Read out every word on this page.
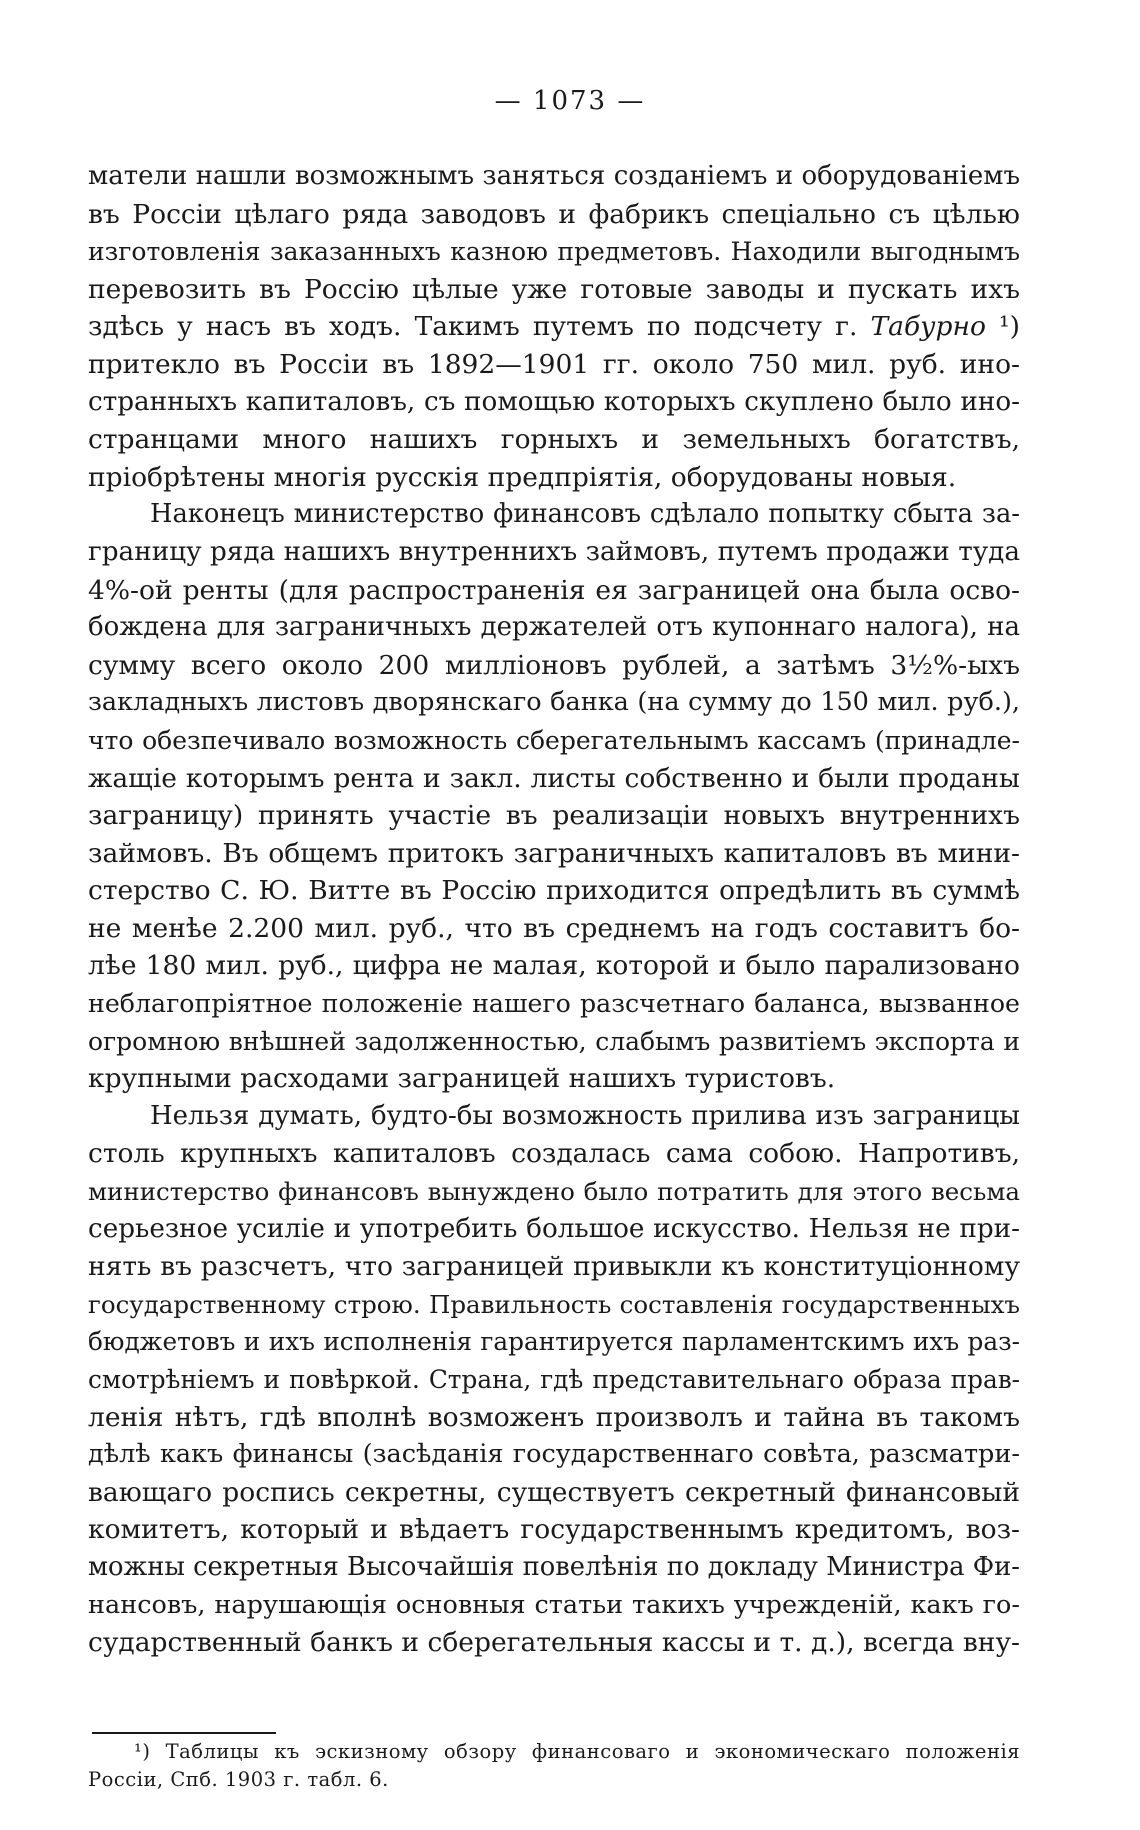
— 1073 —

матели нашли возможнымъ заняться созданіемъ и оборудованіемъ
въ Россіи цѣлаго ряда заводовъ и фабрикъ спеціально съ цѣлью
изготовленія заказанныхъ казною предметовъ. Находили выгоднымъ
перевозить въ Россію цѣлые уже готовые заводы и пускать ихъ
здѣсь у насъ въ ходъ. Такимъ путемъ по подсчету г. Табурно ¹)
притекло въ Россіи въ 1892—1901 гг. около 750 мил. руб. ино-
странныхъ капиталовъ, съ помощью которыхъ скуплено было ино-
странцами много нашихъ горныхъ и земельныхъ богатствъ,
пріобрѣтены многія русскія предпріятія, оборудованы новыя.

Наконецъ министерство финансовъ сдѣлало попытку сбыта за-
границу ряда нашихъ внутреннихъ займовъ, путемъ продажи туда
4%-ой ренты (для распространенія ея заграницей она была осво-
бождена для заграничныхъ держателей отъ купоннаго налога), на
сумму всего около 200 милліоновъ рублей, а затѣмъ 3½%-ыхъ
закладныхъ листовъ дворянскаго банка (на сумму до 150 мил. руб.),
что обезпечивало возможность сберегательнымъ кассамъ (принадле-
жащіе которымъ рента и закл. листы собственно и были проданы
заграницу) принять участіе въ реализаціи новыхъ внутреннихъ
займовъ. Въ общемъ притокъ заграничныхъ капиталовъ въ мини-
стерство С. Ю. Витте въ Россію приходится опредѣлить въ суммѣ
не менѣе 2.200 мил. руб., что въ среднемъ на годъ составитъ бо-
лѣе 180 мил. руб., цифра не малая, которой и было парализовано
неблагопріятное положеніе нашего разсчетнаго баланса, вызванное
огромною внѣшней задолженностью, слабымъ развитіемъ экспорта и
крупными расходами заграницей нашихъ туристовъ.

Нельзя думать, будто-бы возможность прилива изъ заграницы
столь крупныхъ капиталовъ создалась сама собою. Напротивъ,
министерство финансовъ вынуждено было потратить для этого весьма
серьезное усиліе и употребить большое искусство. Нельзя не при-
нять въ разсчетъ, что заграницей привыкли къ конституціонному
государственному строю. Правильность составленія государственныхъ
бюджетовъ и ихъ исполненія гарантируется парламентскимъ ихъ раз-
смотрѣніемъ и повѣркой. Страна, гдѣ представительнаго образа прав-
ленія нѣтъ, гдѣ вполнѣ возможенъ произволъ и тайна въ такомъ
дѣлѣ какъ финансы (засѣданія государственнаго совѣта, разсматри-
вающаго роспись секретны, существуетъ секретный финансовый
комитетъ, который и вѣдаетъ государственнымъ кредитомъ, воз-
можны секретныя Высочайшія повелѣнія по докладу Министра Фи-
нансовъ, нарушающія основныя статьи такихъ учрежденій, какъ го-
сударственный банкъ и сберегательныя кассы и т. д.), всегда вну-

¹) Таблицы къ эскизному обзору финансоваго и экономическаго положенія
Россіи, Спб. 1903 г. табл. 6.
